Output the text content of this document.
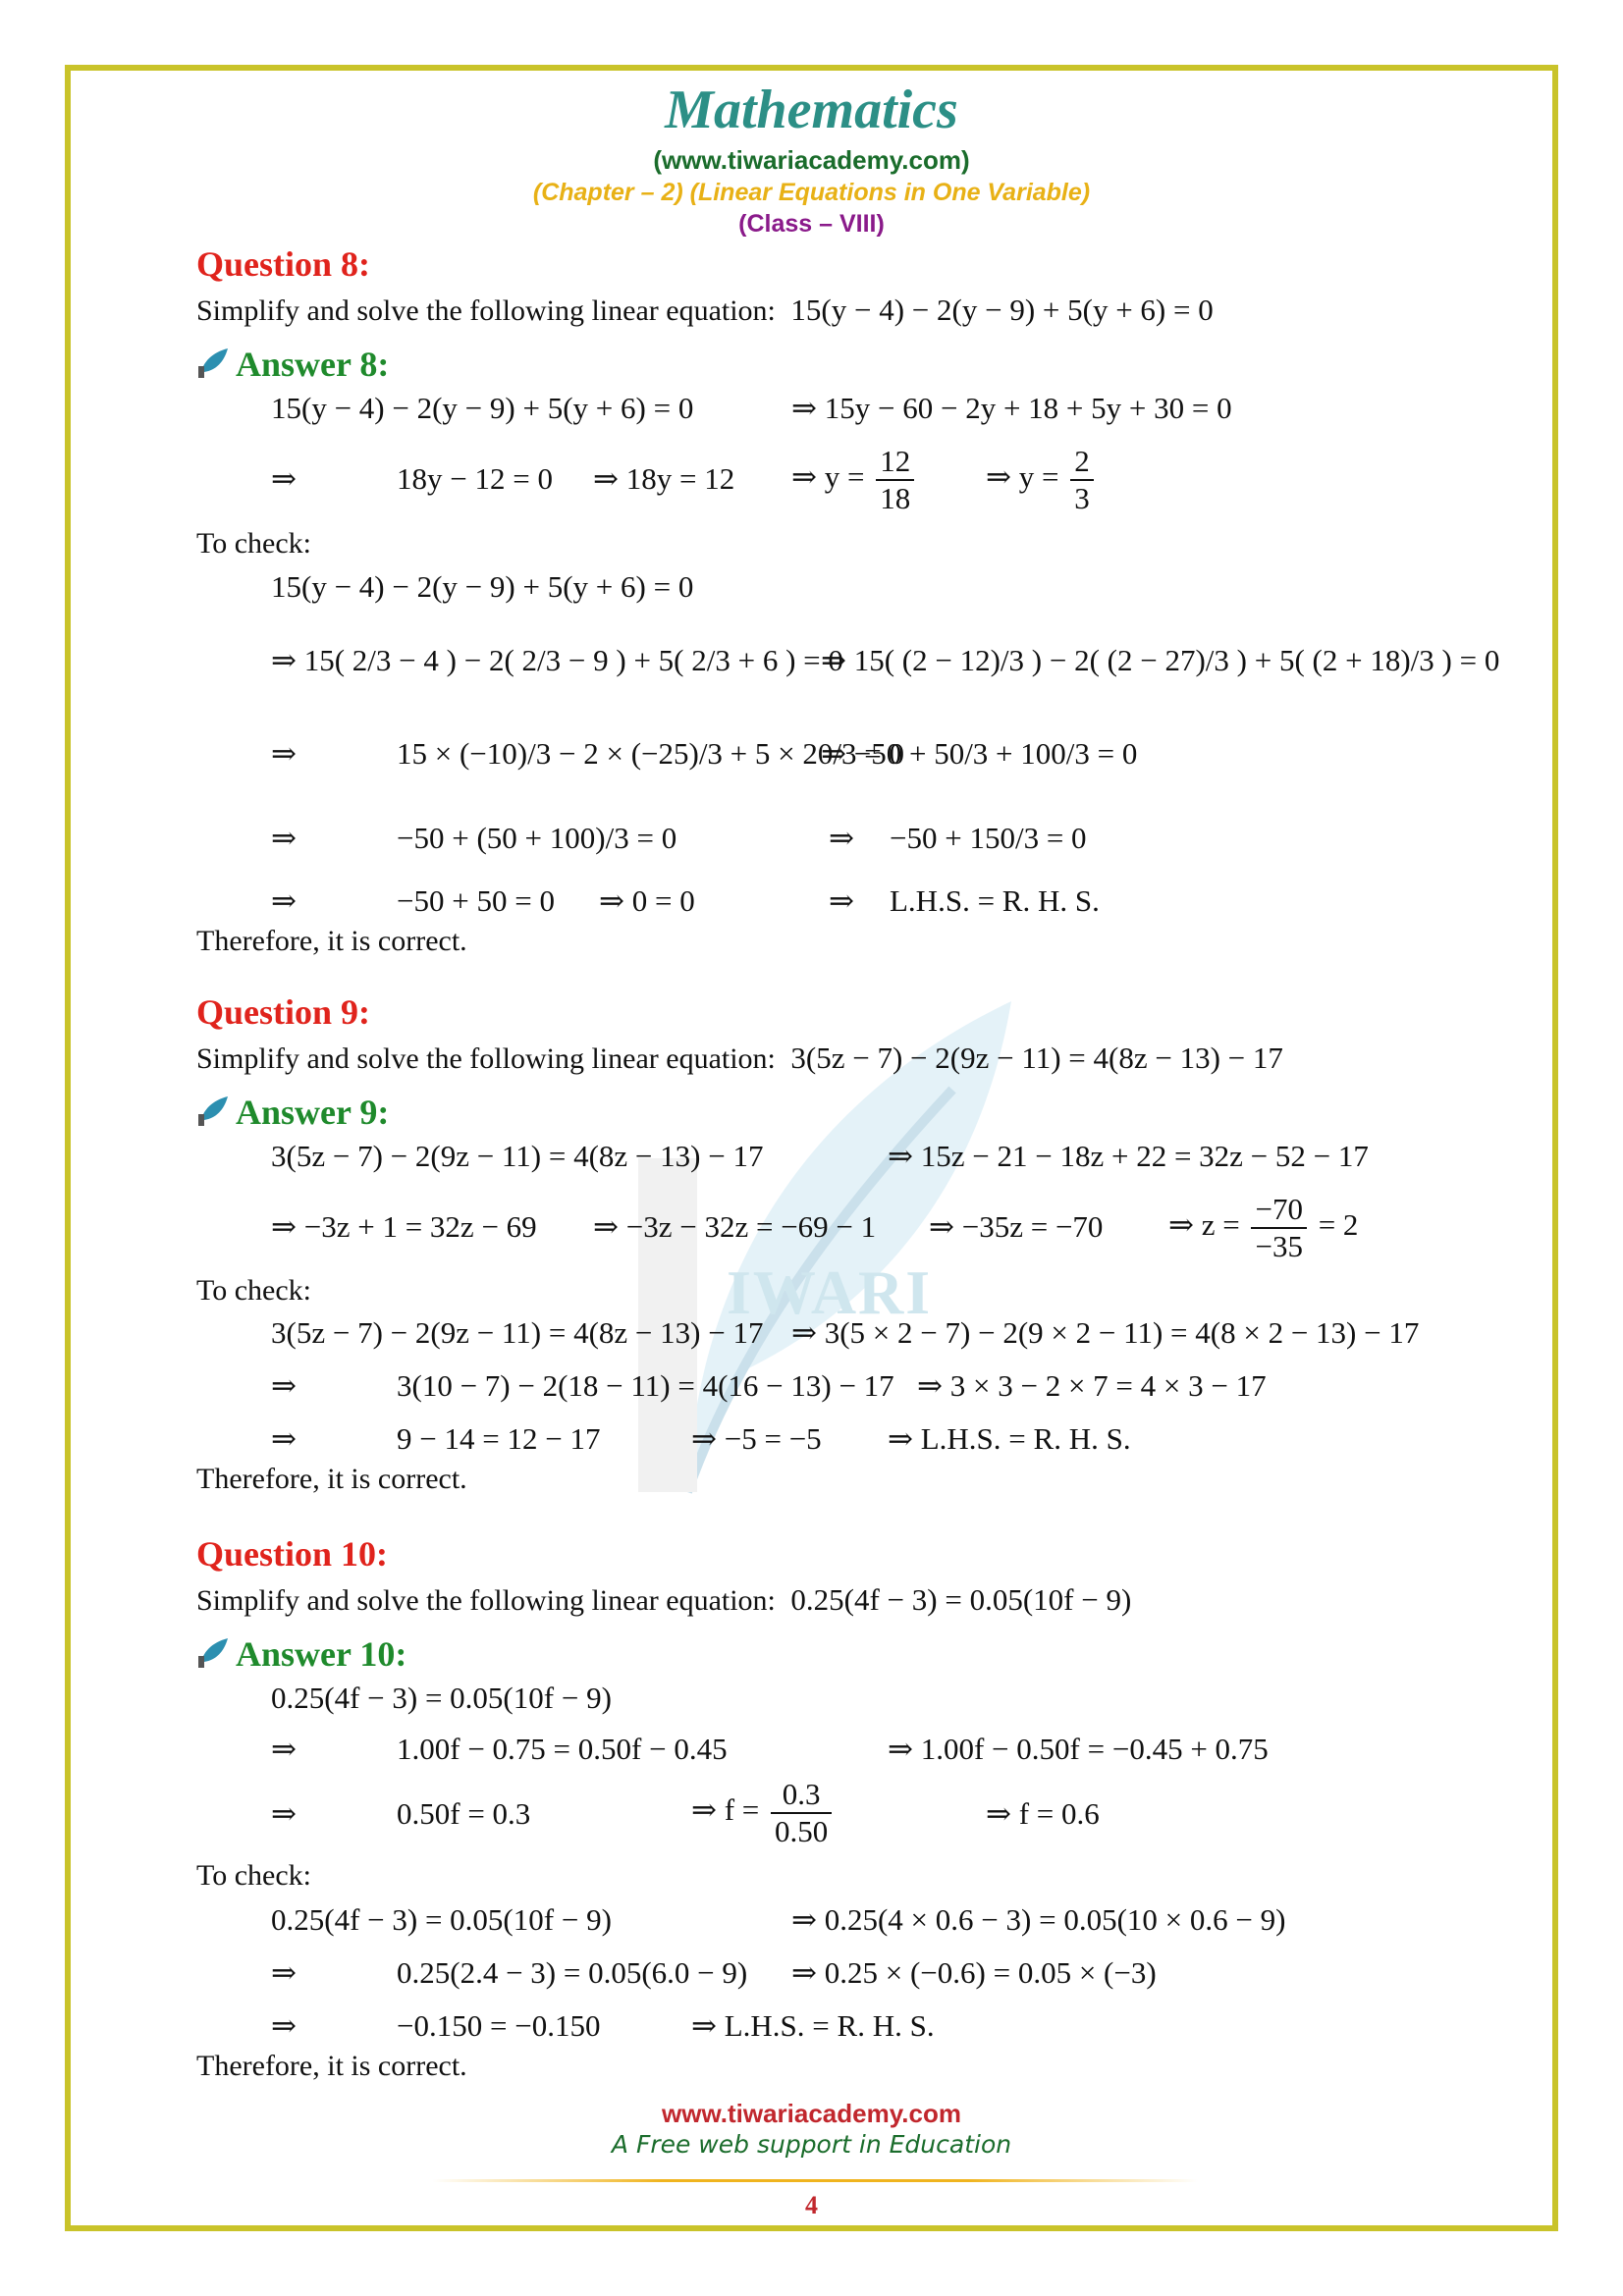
IWARI
Mathematics
(www.tiwariacademy.com)
(Chapter – 2) (Linear Equations in One Variable)
(Class – VIII)
Question 8:
Simplify and solve the following linear equation: 15(y − 4) − 2(y − 9) + 5(y + 6) = 0
Answer 8:
15(y − 4) − 2(y − 9) + 5(y + 6) = 0	⇒ 15y − 60 − 2y + 18 + 5y + 30 = 0
⇒	18y − 12 = 0 ⇒ 18y = 12 ⇒ $y = \frac{12}{18}$ ⇒ $y = \frac{2}{3}$
To check:
15(y − 4) − 2(y − 9) + 5(y + 6) = 0
⇒ 15( 2/3 − 4 ) − 2( 2/3 − 9 ) + 5( 2/3 + 6 ) = 0
⇒ 15( (2 − 12)/3 ) − 2( (2 − 27)/3 ) + 5( (2 + 18)/3 ) = 0
⇒	15 × (−10)/3 − 2 × (−25)/3 + 5 × 20/3 = 0
⇒ −50 + 50/3 + 100/3 = 0
⇒	−50 + (50 + 100)/3 = 0	⇒ −50 + 150/3 = 0
⇒	−50 + 50 = 0 ⇒ 0 = 0	⇒ L.H.S. = R. H. S.
Therefore, it is correct.
Question 9:
Simplify and solve the following linear equation: 3(5z − 7) − 2(9z − 11) = 4(8z − 13) − 17
Answer 9:
3(5z − 7) − 2(9z − 11) = 4(8z − 13) − 17	⇒ 15z − 21 − 18z + 22 = 32z − 52 − 17
⇒ −3z + 1 = 32z − 69 ⇒ −3z − 32z = −69 − 1 ⇒ −35z = −70 ⇒ $z = \frac{-70}{-35} = 2$
To check:
3(5z − 7) − 2(9z − 11) = 4(8z − 13) − 17 ⇒ 3(5 × 2 − 7) − 2(9 × 2 − 11) = 4(8 × 2 − 13) − 17
⇒	3(10 − 7) − 2(18 − 11) = 4(16 − 13) − 17 ⇒ 3 × 3 − 2 × 7 = 4 × 3 − 17
⇒	9 − 14 = 12 − 17	⇒ −5 = −5 ⇒ L.H.S. = R. H. S.
Therefore, it is correct.
Question 10:
Simplify and solve the following linear equation: 0.25(4f − 3) = 0.05(10f − 9)
Answer 10:
0.25(4f − 3) = 0.05(10f − 9)
⇒	1.00f − 0.75 = 0.50f − 0.45	⇒ 1.00f − 0.50f = −0.45 + 0.75
⇒	0.50f = 0.3	⇒ $f = \frac{0.3}{0.50}$	⇒ f = 0.6
To check:
0.25(4f − 3) = 0.05(10f − 9)	⇒ 0.25(4 × 0.6 − 3) = 0.05(10 × 0.6 − 9)
⇒	0.25(2.4 − 3) = 0.05(6.0 − 9) ⇒ 0.25 × (−0.6) = 0.05 × (−3)
⇒	−0.150 = −0.150	⇒ L.H.S. = R. H. S.
Therefore, it is correct.
www.tiwariacademy.com
A Free web support in Education
4
